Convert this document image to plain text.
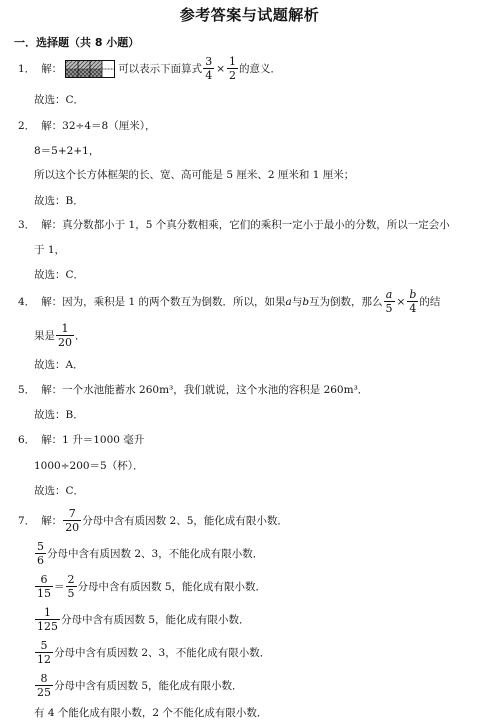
参考答案与试题解析
一．选择题（共 8 小题）
1． 解：	可以表示下面算式 $\frac{3}{4} \times \frac{1}{2}$ 的意义．
故选：C．
2． 解：32÷4＝8（厘米），
8＝5+2+1，
所以这个长方体框架的长、宽、高可能是 5 厘米、2 厘米和 1 厘米；
故选：B．
3． 解：真分数都小于 1，5 个真分数相乘，它们的乘积一定小于最小的分数，所以一定会小
于 1，
故选：C．
4． 解：因为，乘积是 1 的两个数互为倒数．所以，如果 a 与 b 互为倒数，那么 $\frac{a}{5} \times \frac{b}{4}$ 的结
果是 $\frac{1}{20}$ ．
故选：A．
5． 解：一个水池能蓄水 260m³，我们就说，这个水池的容积是 260m³．
故选：B．
6． 解：1 升＝1000 毫升
1000÷200＝5（杯）．
故选：C．
7． 解： $\frac{7}{20}$ 分母中含有质因数 2、5，能化成有限小数．
$\frac{5}{6}$ 分母中含有质因数 2、3，不能化成有限小数．
$\frac{6}{15} = \frac{2}{5}$ 分母中含有质因数 5，能化成有限小数．
$\frac{1}{125}$ 分母中含有质因数 5，能化成有限小数．
$\frac{5}{12}$ 分母中含有质因数 2、3，不能化成有限小数．
$\frac{8}{25}$ 分母中含有质因数 5，能化成有限小数．
有 4 个能化成有限小数，2 个不能化成有限小数．
